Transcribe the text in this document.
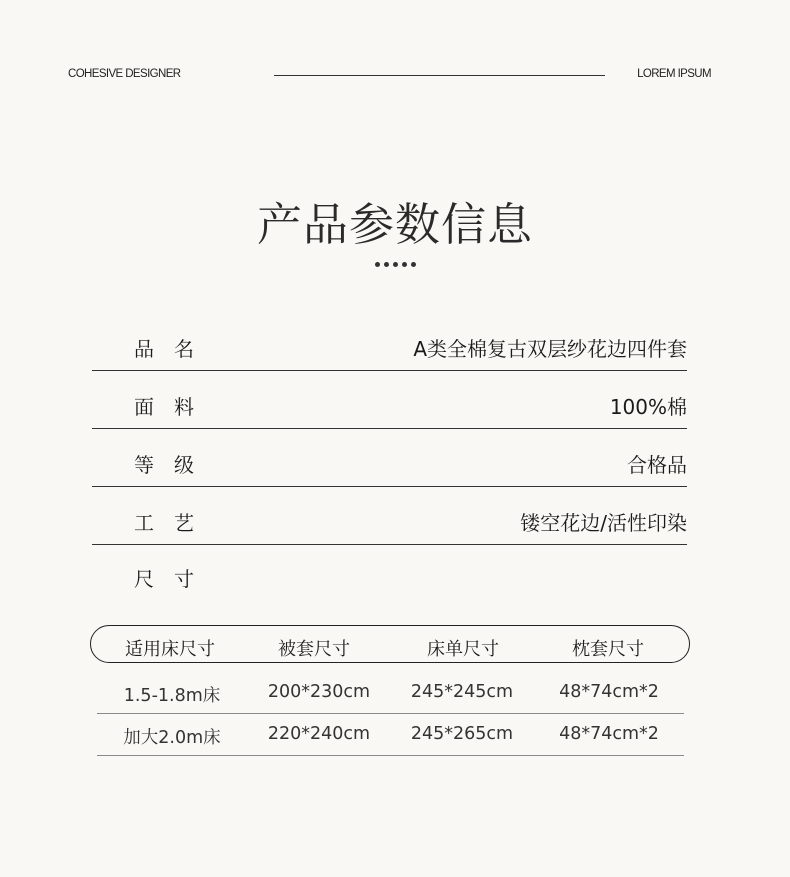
COHESIVE DESIGNER	LOREM IPSUM
产品参数信息
品名	A类全棉复古双层纱花边四件套
面料	100%棉
等级	合格品
工艺	镂空花边/活性印染
尺寸
适用床尺寸	被套尺寸	床单尺寸	枕套尺寸
1.5-1.8m床	200*230cm	245*245cm	48*74cm*2
加大2.0m床	220*240cm	245*265cm	48*74cm*2
